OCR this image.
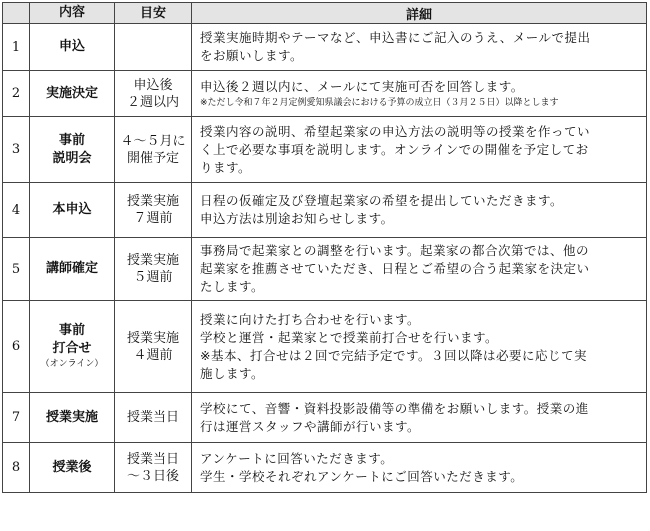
	内容	目安	詳細
1	申込		授業実施時期やテーマなど、申込書にご記入のうえ、メールで提出
をお願いします。

2	実施決定	申込後
２週以内	申込後２週以内に、メールにて実施可否を回答します。
※ただし令和７年２月定例愛知県議会における予算の成立日（３月２５日）以降とします

3	事前
説明会	４～５月に
開催予定	授業内容の説明、希望起業家の申込方法の説明等の授業を作ってい
く上で必要な事項を説明します。オンラインでの開催を予定してお
ります。

4	本申込	授業実施
７週前	日程の仮確定及び登壇起業家の希望を提出していただきます。
申込方法は別途お知らせします。

5	講師確定	授業実施
５週前	事務局で起業家との調整を行います。起業家の都合次第では、他の
起業家を推薦させていただき、日程とご希望の合う起業家を決定い
たします。

6	事前
打合せ
（オンライン）	授業実施
４週前	授業に向けた打ち合わせを行います。
学校と運営・起業家とで授業前打合せを行います。
※基本、打合せは２回で完結予定です。３回以降は必要に応じて実
施します。

7	授業実施	授業当日	学校にて、音響・資料投影設備等の準備をお願いします。授業の進
行は運営スタッフや講師が行います。

8	授業後	授業当日
～３日後	アンケートに回答いただきます。
学生・学校それぞれアンケートにご回答いただきます。
